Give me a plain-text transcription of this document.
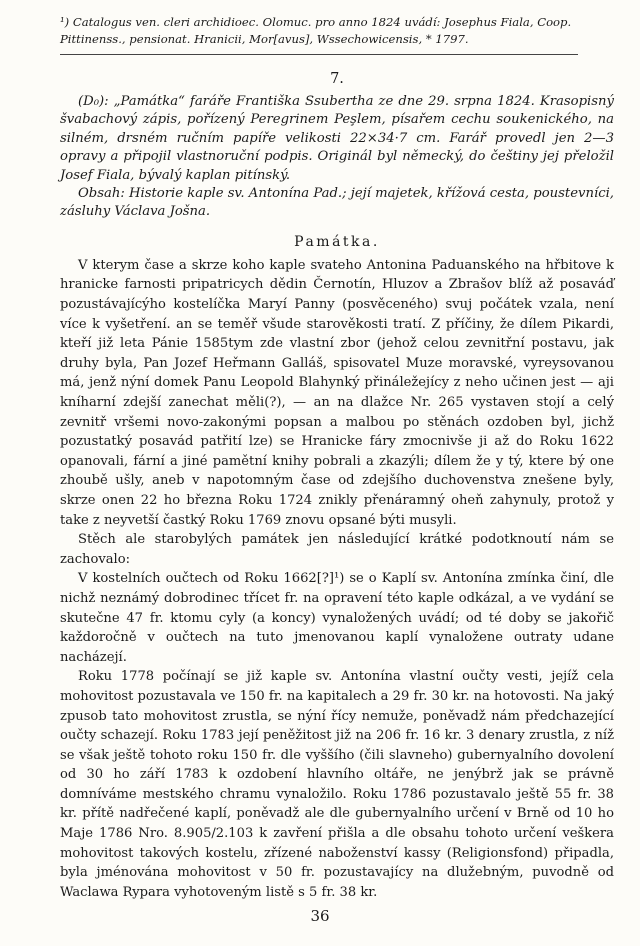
¹) Catalogus ven. cleri archidioec. Olomuc. pro anno 1824 uvádí: Josephus Fiala, Coop.

Pittinenss., pensionat. Hranicii, Mor[avus], Wssechowicensis, * 1797.

7.

(D₀): „Památka“ faráře Františka Ssuberthа ze dne 29. srpna 1824. Krasopisný švabachový zápis, pořízený Peregrinem Peşlem, písařem cechu soukenického, na silném, drsném ručním papíře velikosti 22×34·7 cm. Farář provedl jen 2—3 opravy a připojil vlastnoruční podpis. Originál byl německý, do češtiny jej přeložil Josef Fiala, bývalý kaplan pitínský.

Obsah: Historie kaple sv. Antonína Pad.; její majetek, křížová cesta, poustevníci, zásluhy Václava Jošna.

Památka.

V kterym čase a skrze koho kaple svateho Antonina Paduanského na hřbitove k hranicke farnosti pripatricych dědin Černotín, Hluzov a Zbrašov blíž až posaváď pozustávajícýho kostelíčka Maryí Panny (posvěceného) svuj počátek vzala, není více k vyšetření. an se teměř všude starověkosti tratí. Z příčiny, že dílem Pikardi, kteří již leta Pánie 1585tym zde vlastní zbor (jehož celou zevnitřní postavu, jak druhy byla, Pan Jozef Heřmann Galláš, spisovatel Muze moravské, vyreysovanou má, jenž nýní domek Panu Leopold Blahynký přináležejícy z neho učinen jest — aji kníharní zdejší zanechat měli(?), — an na dlažce Nr. 265 vystaven stojí a celý zevnitř vršemi novo-zakonými popsan a malbou po stěnách ozdoben byl, jichž pozustatký posavád patřití lze) se Hranicke fáry zmocnivše ji až do Roku 1622 opanovali, fární a jiné pamětní knihy pobrali a zkazýli; dílem že y tý, ktere bý one zhoubě ušly, aneb v napotomným čase od zdejšího duchovenstva znešene byly, skrze onen 22 ho března Roku 1724 znikly přenáramný oheň zahynuly, protož y take z neyvetší častký Roku 1769 znovu opsané býti musyli.

Stěch ale starobylých památek jen následující krátké podotknoutí nám se zachovalo:

V kostelních oučtech od Roku 1662[?]¹) se o Kaplí sv. Antonína zmínka činí, dle nichž neznámý dobrodinec třícet fr. na opravení této kaple odkázal, a ve vydání se skutečne 47 fr. ktomu cyly (a koncy) vynaložených uvádí; od té doby se jakořič každoročně v oučtech na tuto jmenovanou kaplí vynaložene outraty udane nacházejí.

Roku 1778 počínají se již kaple sv. Antonína vlastní oučty vesti, jejíž cela mohovitost pozustavala ve 150 fr. na kapitalech a 29 fr. 30 kr. na hotovosti. Na jaký zpusob tato mohovitost zrustla, se nýní řícy nemuže, poněvadž nám předchazející oučty schazejí. Roku 1783 její peněžitost již na 206 fr. 16 kr. 3 denary zrustla, z níž se však ještě tohoto roku 150 fr. dle vyššího (čili slavneho) gubernyalního dovolení od 30 ho září 1783 k ozdobení hlavního oltáře, ne jenýbrž jak se právně domníváme mestského chramu vynaložilo. Roku 1786 pozustavalo ještě 55 fr. 38 kr. přítě nadřečené kaplí, poněvadž ale dle gubernyalního určení v Brně od 10 ho Maje 1786 Nro. 8.905/2.103 k zavření přišla a dle obsahu tohoto určení veškera mohovitost takových kostelu, zřízené naboženství kassy (Religionsfond) připadla, byla jménována mohovitost v 50 fr. pozustavajícy na dlužebným, puvodně od Waclawa Rypara vyhotoveným listě s 5 fr. 38 kr.

36
